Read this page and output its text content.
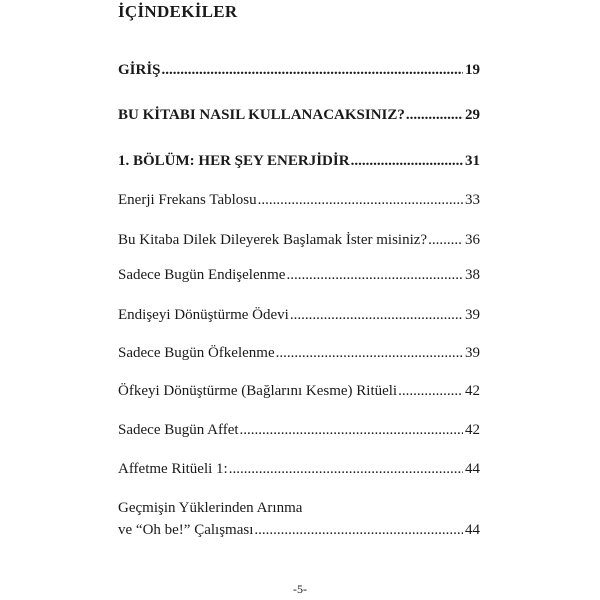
İÇİNDEKİLER
GİRİŞ .....	19
BU KİTABI NASIL KULLANACAKSINIZ? .....	29
1. BÖLÜM: HER ŞEY ENERJİDİR .....	31
Enerji Frekans Tablosu .....	33
Bu Kitaba Dilek Dileyerek Başlamak İster misiniz? .....	36
Sadece Bugün Endişelenme .....	38
Endişeyi Dönüştürme Ödevi .....	39
Sadece Bugün Öfkelenme .....	39
Öfkeyi Dönüştürme (Bağlarını Kesme) Ritüeli .....	42
Sadece Bugün Affet .....	42
Affetme Ritüeli 1: .....	44
Geçmişin Yüklerinden Arınma
ve “Oh be!” Çalışması .....	44
-5-
